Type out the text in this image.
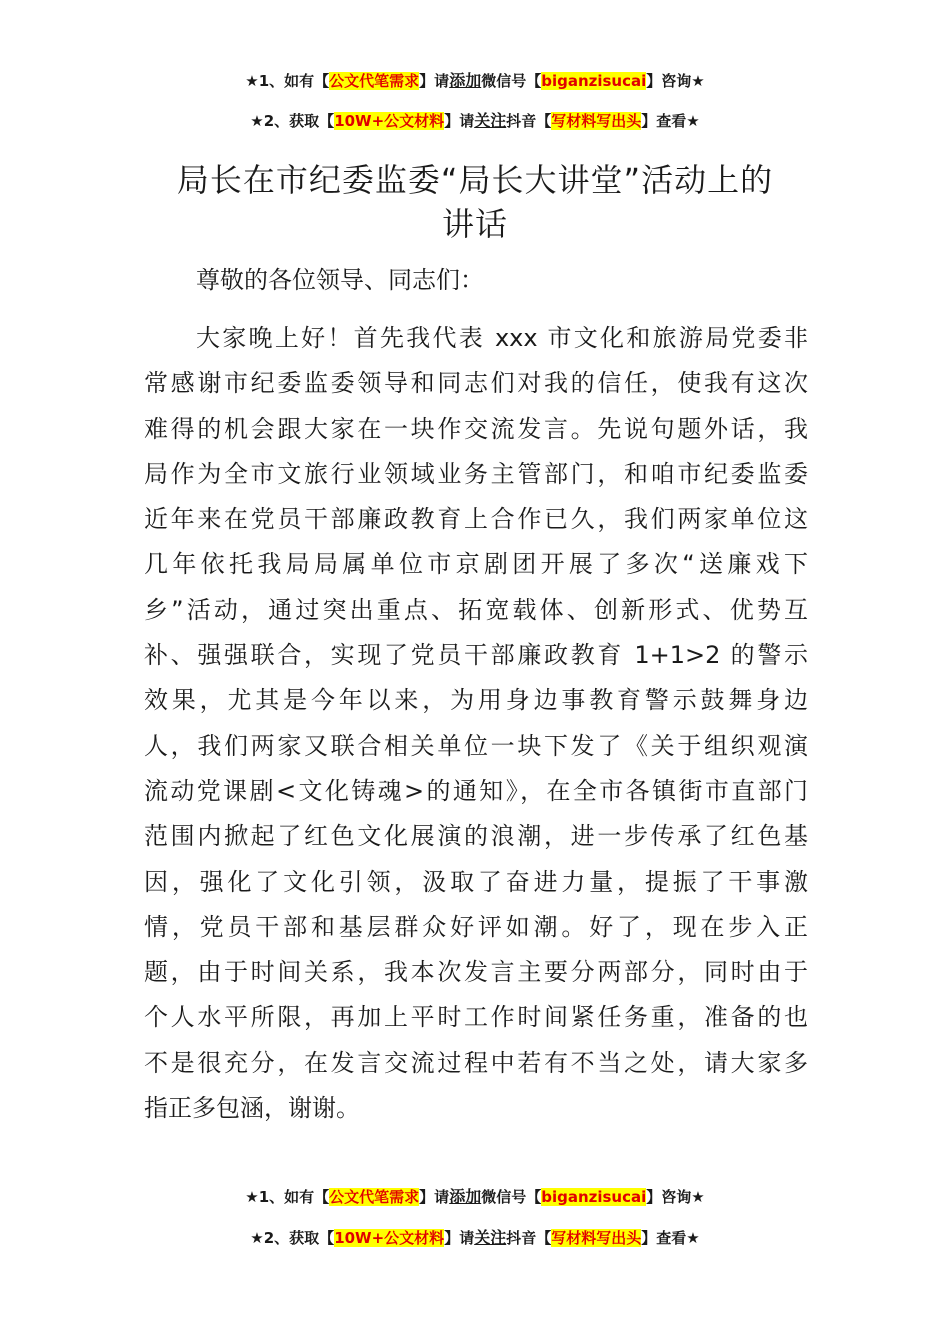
★1、如有【公文代笔需求】请添加微信号【biganzisucai】咨询★
★2、获取【10W+公文材料】请关注抖音【写材料写出头】查看★
局长在市纪委监委“局长大讲堂”活动上的
讲话
尊敬的各位领导、同志们：
大家晚上好！首先我代表 xxx 市文化和旅游局党委非
常感谢市纪委监委领导和同志们对我的信任，使我有这次
难得的机会跟大家在一块作交流发言。先说句题外话，我
局作为全市文旅行业领域业务主管部门，和咱市纪委监委
近年来在党员干部廉政教育上合作已久，我们两家单位这
几年依托我局局属单位市京剧团开展了多次“送廉戏下
乡”活动，通过突出重点、拓宽载体、创新形式、优势互
补、强强联合，实现了党员干部廉政教育 1+1>2 的警示
效果，尤其是今年以来，为用身边事教育警示鼓舞身边
人，我们两家又联合相关单位一块下发了《关于组织观演
流动党课剧<文化铸魂>的通知》，在全市各镇街市直部门
范围内掀起了红色文化展演的浪潮，进一步传承了红色基
因，强化了文化引领，汲取了奋进力量，提振了干事激
情，党员干部和基层群众好评如潮。好了，现在步入正
题，由于时间关系，我本次发言主要分两部分，同时由于
个人水平所限，再加上平时工作时间紧任务重，准备的也
不是很充分，在发言交流过程中若有不当之处，请大家多
指正多包涵，谢谢。
★1、如有【公文代笔需求】请添加微信号【biganzisucai】咨询★
★2、获取【10W+公文材料】请关注抖音【写材料写出头】查看★
